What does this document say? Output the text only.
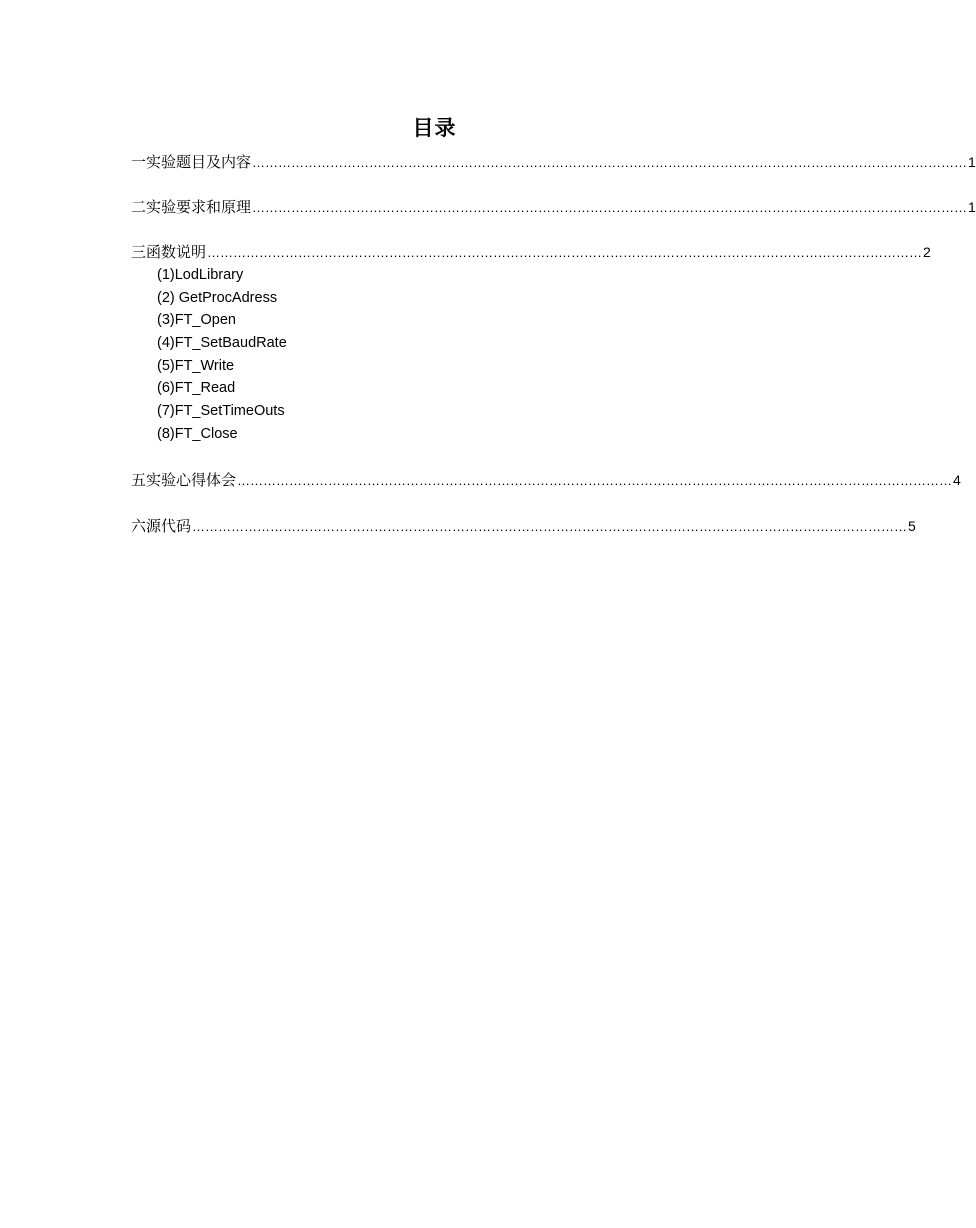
目录
一 实验题目及内容 ………………………………………………………………………………………………………………………………………………… 1
二 实验要求和原理 ………………………………………………………………………………………………………………………………………………… 1
三 函数说明 ………………………………………………………………………………………………………………………………………………… 2
(1)LodLibrary
(2) GetProcAdress
(3)FT_Open
(4)FT_SetBaudRate
(5)FT_Write
(6)FT_Read
(7)FT_SetTimeOuts
(8)FT_Close
五 实验心得体会 ………………………………………………………………………………………………………………………………………………… 4
六 源代码 ………………………………………………………………………………………………………………………………………………… 5
